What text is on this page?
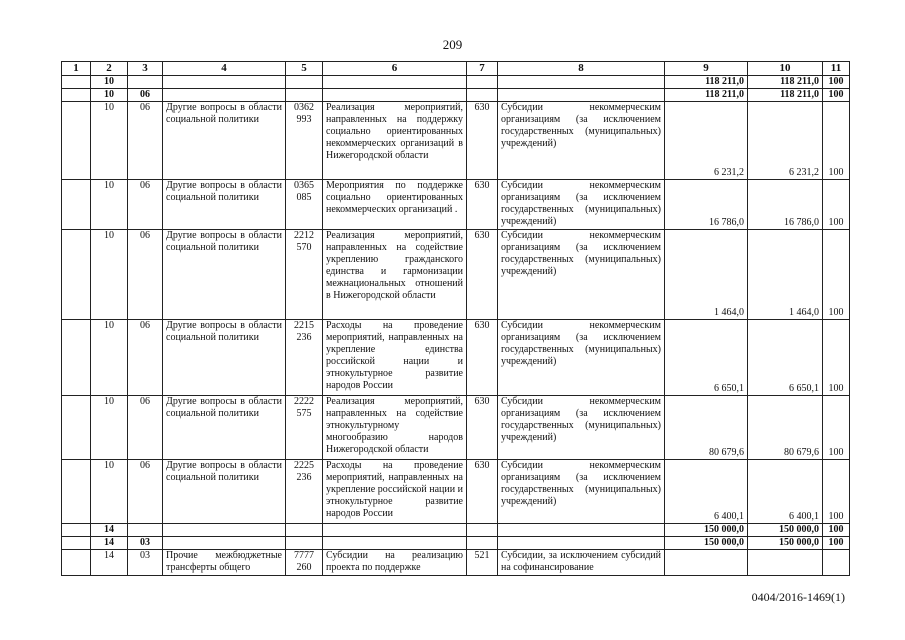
209
1	2	3	4	5	6	7	8	9	10	11
	10							118 211,0	118 211,0	100
	10	06						118 211,0	118 211,0	100
	10	06	Другие вопросы в области социальной политики	0362 993	Реализация мероприятий, направленных на поддержку социально ориентированных некоммерческих организаций в Нижегородской области	630	Субсидии некоммерческим организациям (за исключением государственных (муниципальных) учреждений)	6 231,2	6 231,2	100
	10	06	Другие вопросы в области социальной политики	0365 085	Мероприятия по поддержке социально ориентированных некоммерческих организаций .	630	Субсидии некоммерческим организациям (за исключением государственных (муниципальных) учреждений)	16 786,0	16 786,0	100
	10	06	Другие вопросы в области социальной политики	2212 570	Реализация мероприятий, направленных на содействие укреплению гражданского единства и гармонизации межнациональных отношений в Нижегородской области	630	Субсидии некоммерческим организациям (за исключением государственных (муниципальных) учреждений)	1 464,0	1 464,0	100
	10	06	Другие вопросы в области социальной политики	2215 236	Расходы на проведение мероприятий, направленных на укрепление единства российской нации и этнокультурное развитие народов России	630	Субсидии некоммерческим организациям (за исключением государственных (муниципальных) учреждений)	6 650,1	6 650,1	100
	10	06	Другие вопросы в области социальной политики	2222 575	Реализация мероприятий, направленных на содействие этнокультурному многообразию народов Нижегородской области	630	Субсидии некоммерческим организациям (за исключением государственных (муниципальных) учреждений)	80 679,6	80 679,6	100
	10	06	Другие вопросы в области социальной политики	2225 236	Расходы на проведение мероприятий, направленных на укрепление российской нации и этнокультурное развитие народов России	630	Субсидии некоммерческим организациям (за исключением государственных (муниципальных) учреждений)	6 400,1	6 400,1	100
	14							150 000,0	150 000,0	100
	14	03						150 000,0	150 000,0	100
	14	03	Прочие межбюджетные трансферты общего	7777 260	Субсидии на реализацию проекта по поддержке	521	Субсидии, за исключением субсидий на софинансирование			
0404/2016-1469(1)
